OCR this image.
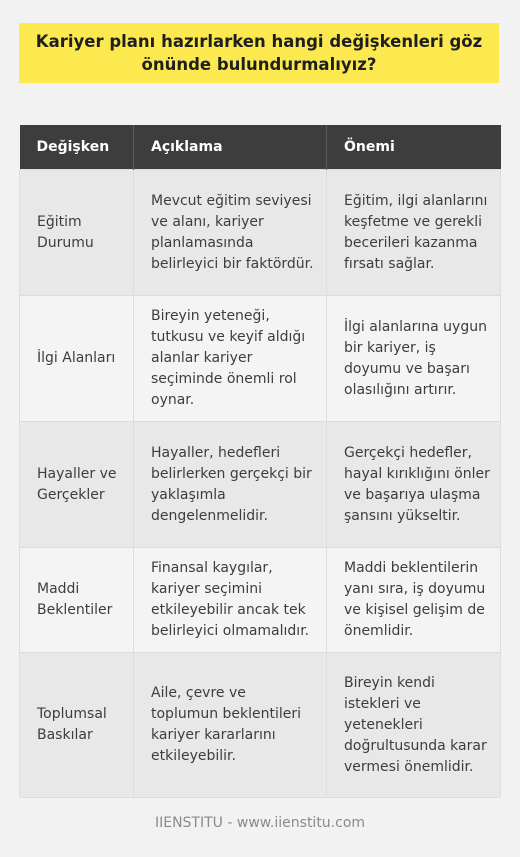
Kariyer planı hazırlarken hangi değişkenleri göz önünde bulundurmalıyız?
Değişken	Açıklama	Önemi
Eğitim Durumu	Mevcut eğitim seviyesi ve alanı, kariyer planlamasında belirleyici bir faktördür.	Eğitim, ilgi alanlarını keşfetme ve gerekli becerileri kazanma fırsatı sağlar.
İlgi Alanları	Bireyin yeteneği, tutkusu ve keyif aldığı alanlar kariyer seçiminde önemli rol oynar.	İlgi alanlarına uygun bir kariyer, iş doyumu ve başarı olasılığını artırır.
Hayaller ve Gerçekler	Hayaller, hedefleri belirlerken gerçekçi bir yaklaşımla dengelenmelidir.	Gerçekçi hedefler, hayal kırıklığını önler ve başarıya ulaşma şansını yükseltir.
Maddi Beklentiler	Finansal kaygılar, kariyer seçimini etkileyebilir ancak tek belirleyici olmamalıdır.	Maddi beklentilerin yanı sıra, iş doyumu ve kişisel gelişim de önemlidir.
Toplumsal Baskılar	Aile, çevre ve toplumun beklentileri kariyer kararlarını etkileyebilir.	Bireyin kendi istekleri ve yetenekleri doğrultusunda karar vermesi önemlidir.
IIENSTITU - www.iienstitu.com
